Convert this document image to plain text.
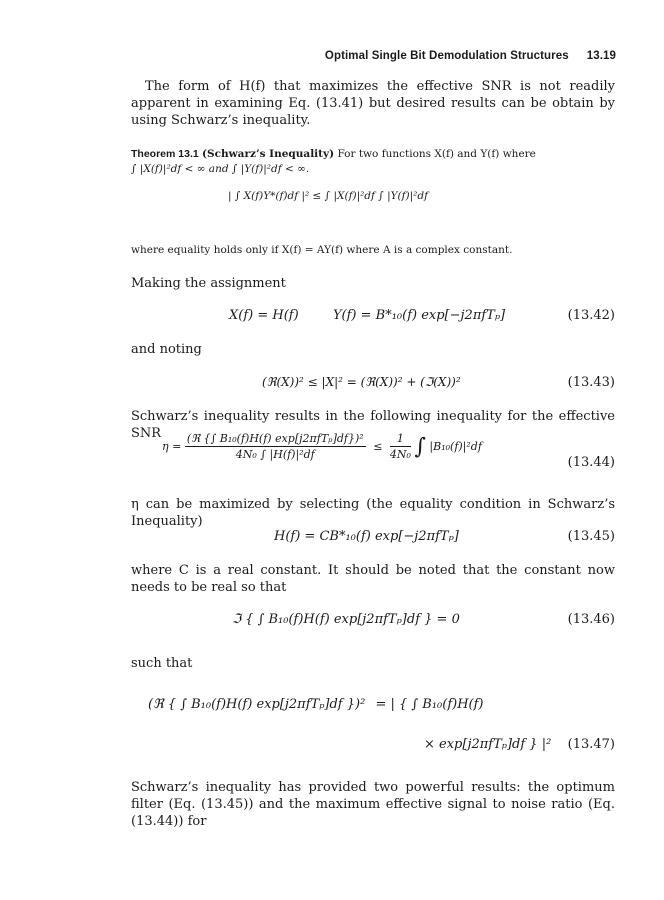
Optimal Single Bit Demodulation Structures 13.19
The form of H(f) that maximizes the effective SNR is not readily apparent in examining Eq. (13.41) but desired results can be obtain by using Schwarz’s inequality.
Theorem 13.1 (Schwarz’s Inequality) For two functions X(f) and Y(f) where
∫ |X(f)|²df < ∞ and ∫ |Y(f)|²df < ∞.
| ∫ X(f)Y*(f)df |² ≤ ∫ |X(f)|²df ∫ |Y(f)|²df
where equality holds only if X(f) = AY(f) where A is a complex constant.
Making the assignment
X(f) = H(f)	Y(f) = B*₁₀(f) exp[−j2πfTₚ]	(13.42)
and noting
(ℜ(X))² ≤ |X|² = (ℜ(X))² + (ℑ(X))²	(13.43)
Schwarz’s inequality results in the following inequality for the effective SNR
$\eta = \frac{\text{(ℜ \{∫ B₁₀(f)H(f) exp[j2πfTₚ]df\})²}}{\text{4N₀ ∫ |H(f)|²df}} \le \frac{1}{\text{4N₀}}$ ∫ |B₁₀(f)|²df
(13.44)
η can be maximized by selecting (the equality condition in Schwarz’s Inequality)
H(f) = CB*₁₀(f) exp[−j2πfTₚ]	(13.45)
where C is a real constant. It should be noted that the constant now needs to be real so that
ℑ { ∫ B₁₀(f)H(f) exp[j2πfTₚ]df } = 0	(13.46)
such that
(ℜ { ∫ B₁₀(f)H(f) exp[j2πfTₚ]df })² = | { ∫ B₁₀(f)H(f)
× exp[j2πfTₚ]df } |² (13.47)
Schwarz’s inequality has provided two powerful results: the optimum filter (Eq. (13.45)) and the maximum effective signal to noise ratio (Eq. (13.44)) for
